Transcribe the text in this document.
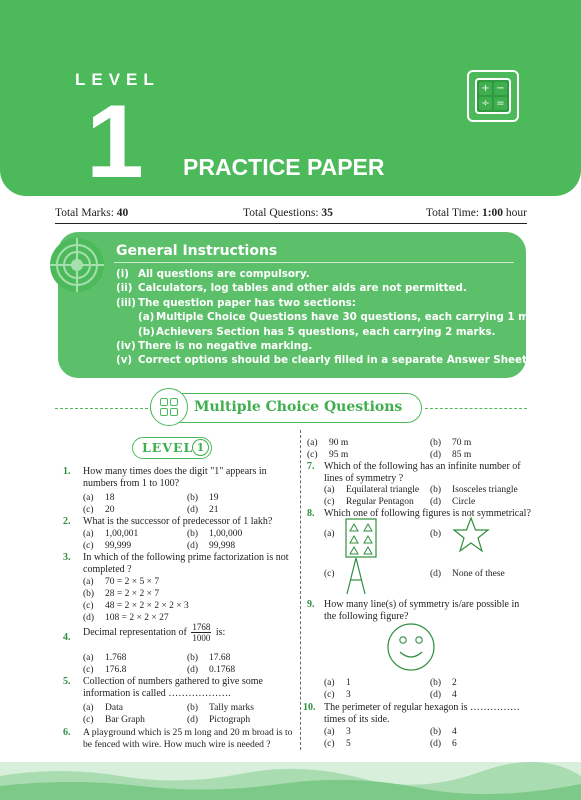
LEVEL
1 PRACTICE PAPER
+ −
÷ =
Total Marks: 40	Total Questions: 35	Total Time: 1:00 hour
General Instructions
(i) All questions are compulsory.
(ii) Calculators, log tables and other aids are not permitted.
(iii) The question paper has two sections:
(a) Multiple Choice Questions have 30 questions, each carrying 1 mark.
(b) Achievers Section has 5 questions, each carrying 2 marks.
(iv) There is no negative marking.
(v) Correct options should be clearly filled in a separate Answer Sheet.
Multiple Choice Questions
LEVEL 1
1. How many times does the digit "1" appears in numbers from 1 to 100?
(a) 18	(b) 19
(c) 20	(d) 21
2. What is the successor of predecessor of 1 lakh?
(a) 1,00,001	(b) 1,00,000
(c) 99,999	(d) 99,998
3. In which of the following prime factorization is not completed ?
(a) 70 = 2 × 5 × 7
(b) 28 = 2 × 2 × 7
(c) 48 = 2 × 2 × 2 × 2 × 3
(d) 108 = 2 × 2 × 27
4. Decimal representation of $\frac{1768}{1000}$ is:
(a) 1.768	(b) 17.68
(c) 176.8	(d) 0.1768
5. Collection of numbers gathered to give some information is called ……………….
(a) Data	(b) Tally marks
(c) Bar Graph	(d) Pictograph
6. A playground which is 25 m long and 20 m broad is to be fenced with wire. How much wire is needed ?
(a) 90 m	(b) 70 m
(c) 95 m	(d) 85 m
7. Which of the following has an infinite number of lines of symmetry ?
(a) Equilateral triangle (b) Isosceles triangle
(c) Regular Pentagon (d) Circle
8. Which one of following figures is not symmetrical?
(a)	(b)
(c)	(d) None of these
9. How many line(s) of symmetry is/are possible in the following figure?
(a) 1	(b) 2
(c) 3	(d) 4
10. The perimeter of regular hexagon is …………… times of its side.
(a) 3	(b) 4
(c) 5	(d) 6
